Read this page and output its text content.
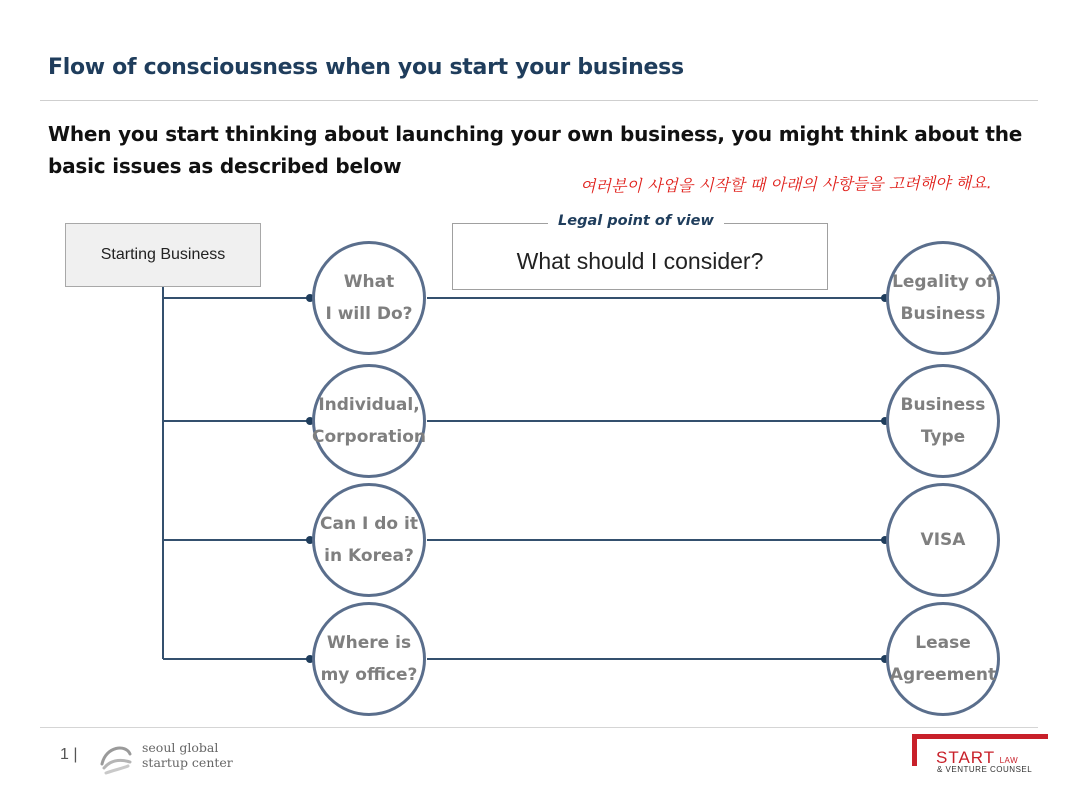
Flow of consciousness when you start your business
When you start thinking about launching your own business, you might think about the
basic issues as described below
여러분이 사업을 시작할 때 아래의 사항들을 고려해야 해요.
Starting Business	What should I consider?
Legal point of view
What
I will Do?
Individual,
Corporation
Can I do it
in Korea?
Where is
my office?
Legality of
Business
Business
Type
VISA
Lease
Agreement
1 |	seoul global
startup center	START LAW
& VENTURE COUNSEL
